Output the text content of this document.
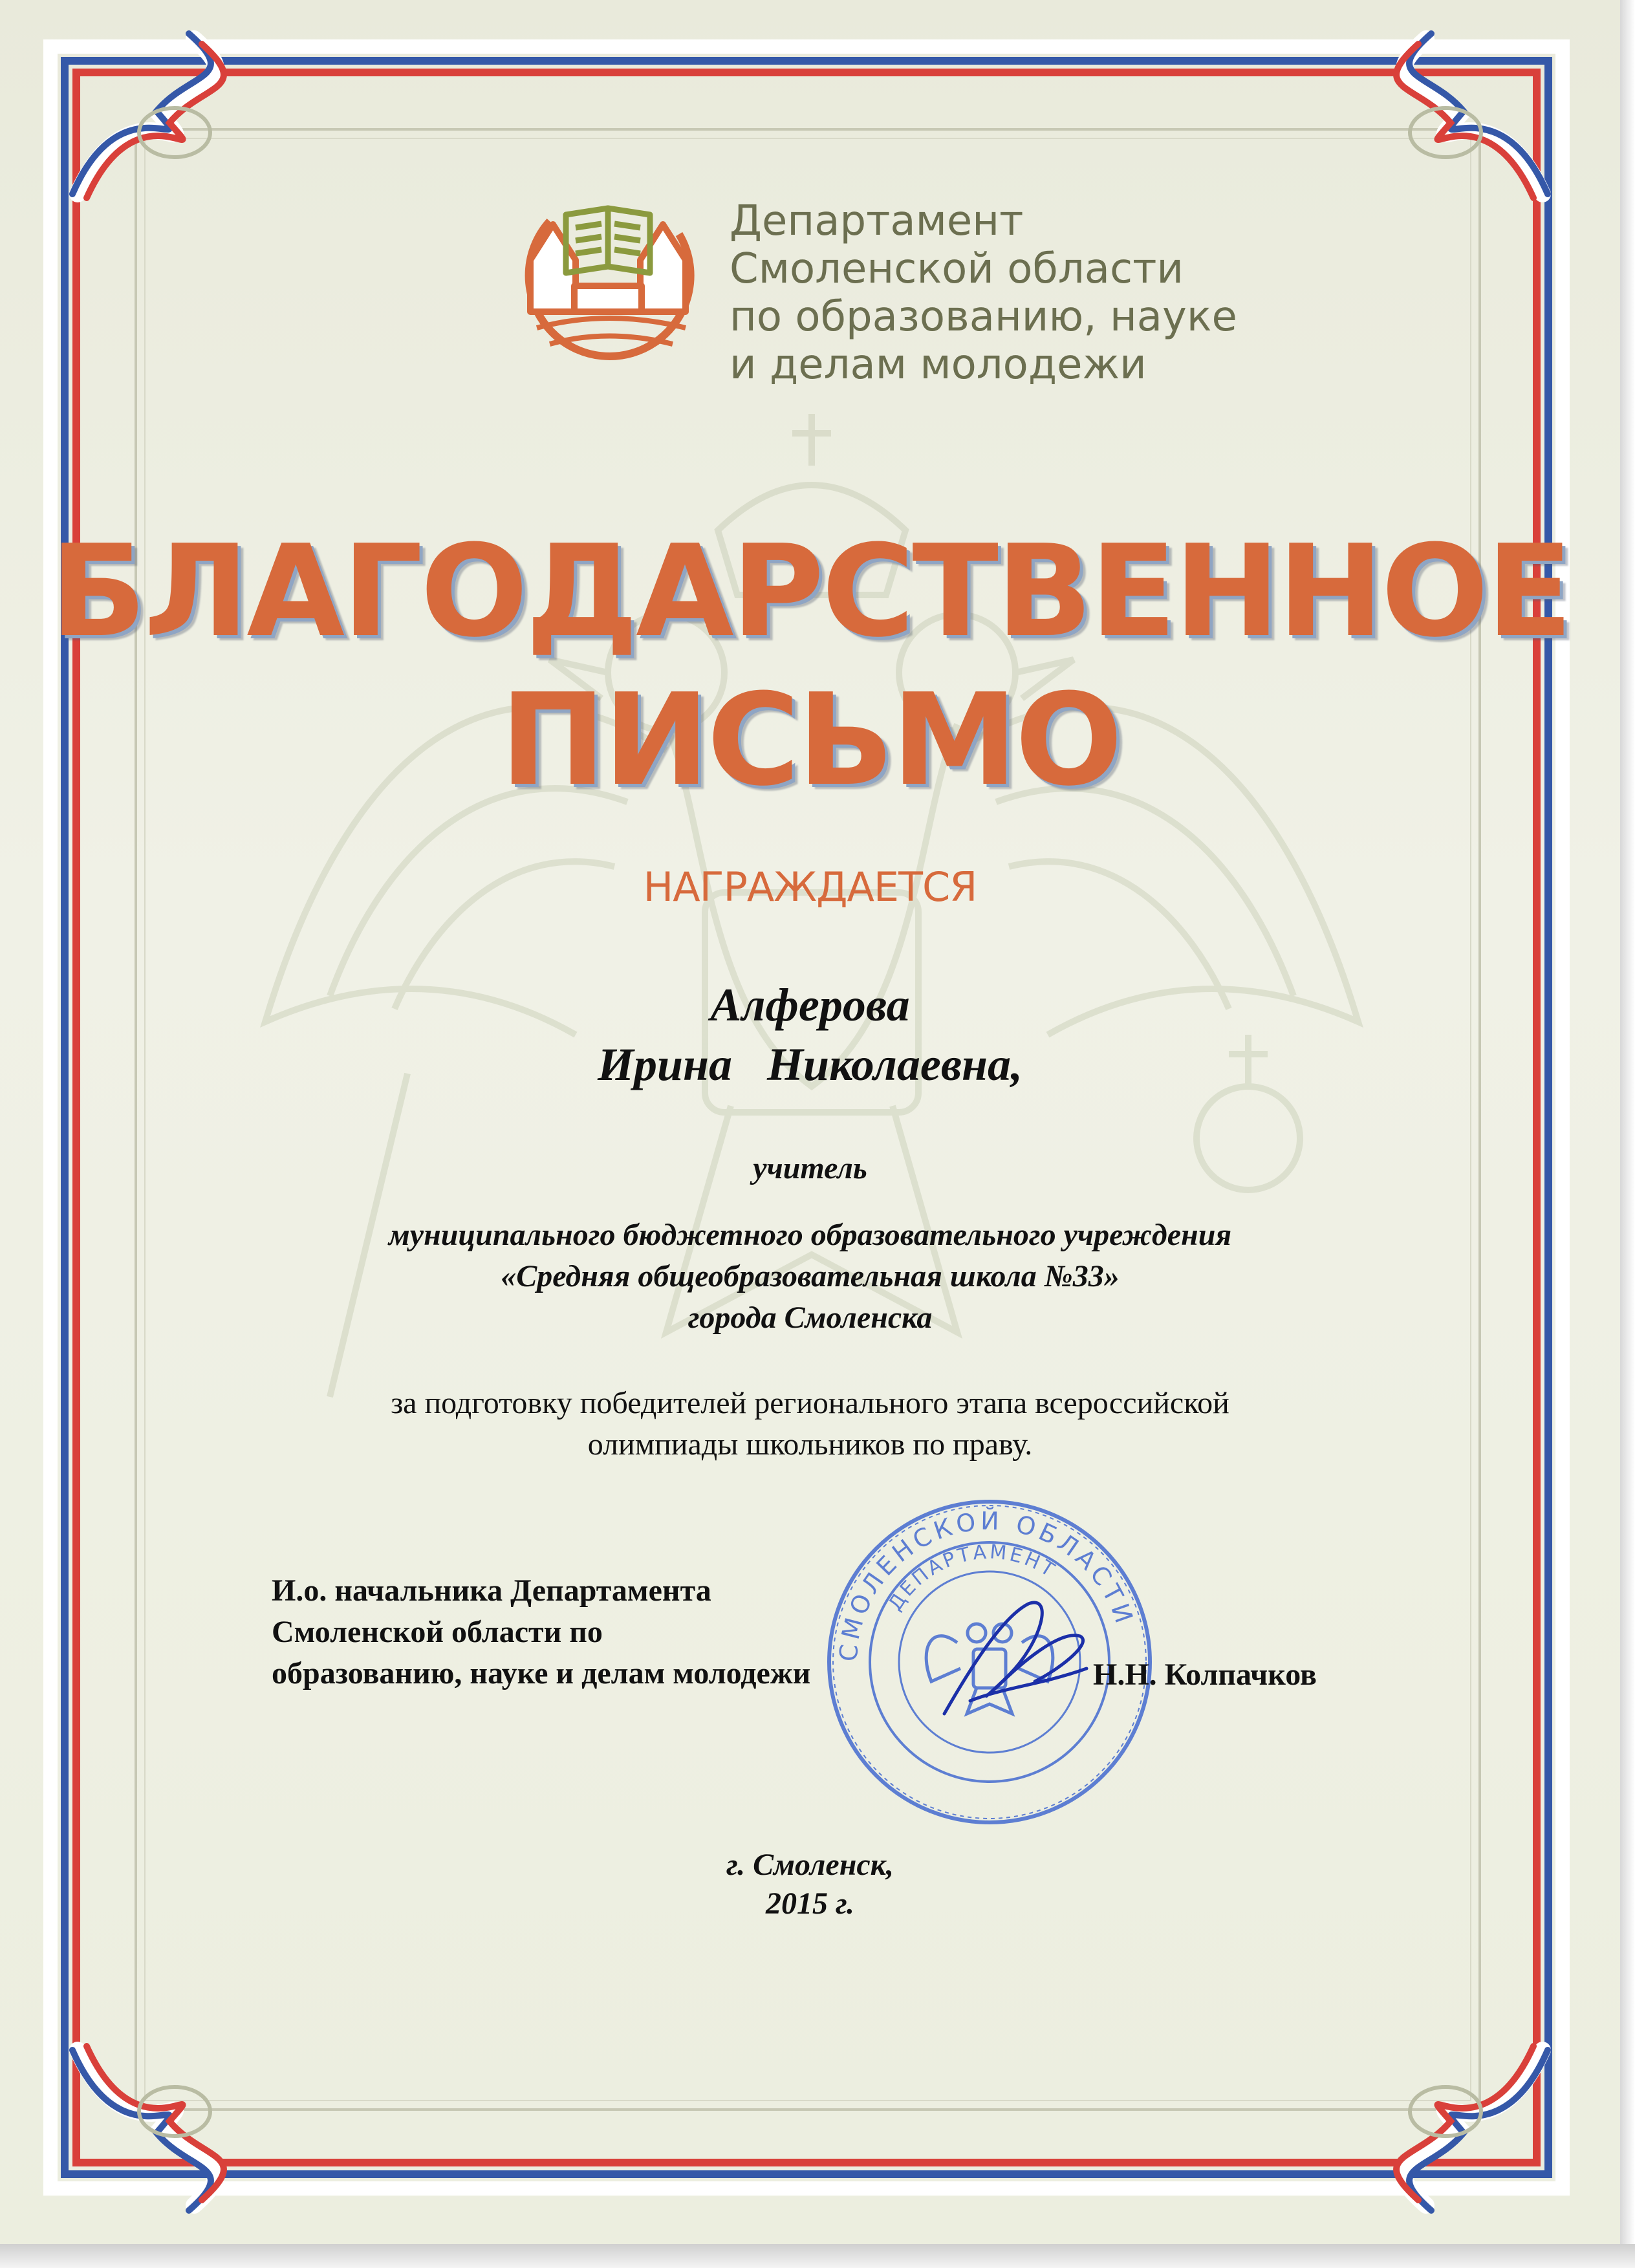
Департамент
Смоленской области
по образованию, науке
и делам молодежи
БЛАГОДАРСТВЕННОЕ
ПИСЬМО
НАГРАЖДАЕТСЯ
Алферова
Ирина   Николаевна,
учитель
муниципального бюджетного образовательного учреждения
«Средняя общеобразовательная школа №33»
города Смоленска
за подготовку победителей регионального этапа всероссийской
олимпиады школьников по праву.
СМОЛЕНСКОЙ ОБЛАСТИ
ДЕПАРТАМЕНТ
И.о. начальника Департамента
Смоленской области по
образованию, науке и делам молодежи	Н.Н. Колпачков
г. Смоленск,
2015 г.
